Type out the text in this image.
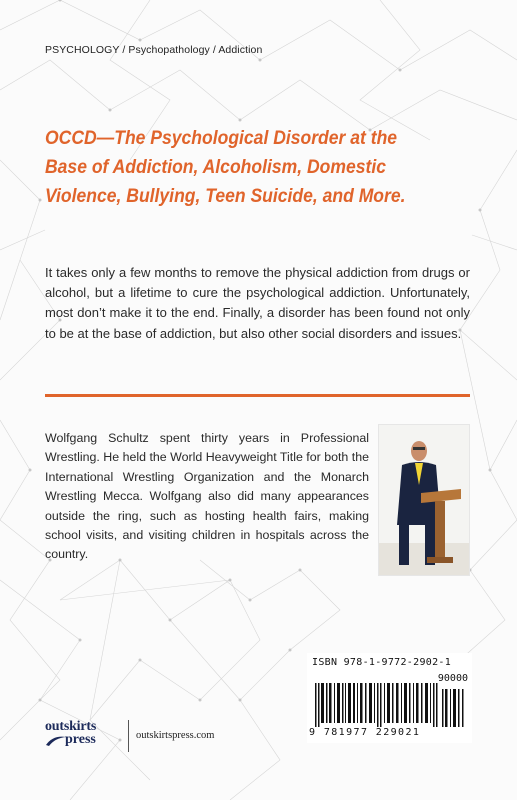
PSYCHOLOGY / Psychopathology / Addiction
OCCD—The Psychological Disorder at the
Base of Addiction, Alcoholism, Domestic
Violence, Bullying, Teen Suicide, and More.

It takes only a few months to remove the physical addiction from drugs or alcohol, but a lifetime to cure the psychological addiction. Unfortunately, most don’t make it to the end. Finally, a disorder has been found not only to be at the base of addiction, but also other social disorders and issues.

Wolfgang Schultz spent thirty years in Professional Wrestling. He held the World Heavyweight Title for both the International Wrestling Organization and the Monarch Wrestling Mecca. Wolfgang also did many appearances outside the ring, such as hosting health fairs, making school visits, and visiting children in hospitals across the country.

ISBN 978-1-9772-2902-1
90000
9 781977 229021
outskirts
press	outskirtspress.com
